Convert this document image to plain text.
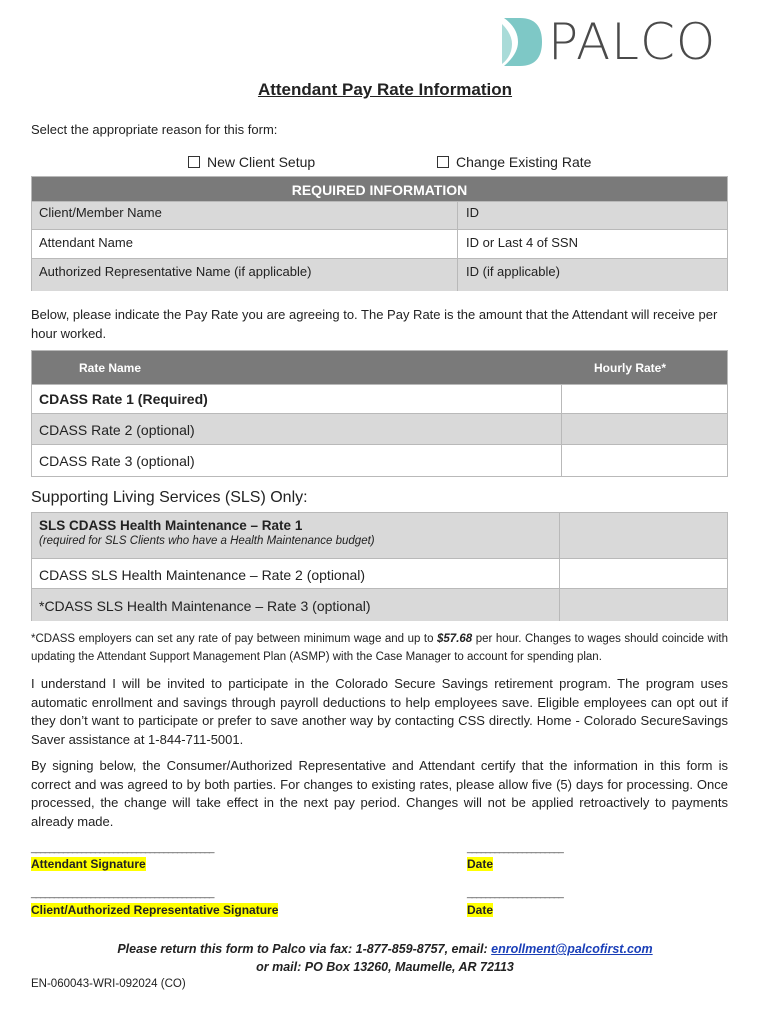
PALCO
Attendant Pay Rate Information
Select the appropriate reason for this form:
New Client Setup	Change Existing Rate
REQUIRED INFORMATION
Client/Member Name	ID
Attendant Name	ID or Last 4 of SSN
Authorized Representative Name (if applicable)	ID (if applicable)
Below, please indicate the Pay Rate you are agreeing to. The Pay Rate is the amount that the Attendant will receive per hour worked.
Rate Name	Hourly Rate*
CDASS Rate 1 (Required)
CDASS Rate 2 (optional)
CDASS Rate 3 (optional)
Supporting Living Services (SLS) Only:
SLS CDASS Health Maintenance – Rate 1
(required for SLS Clients who have a Health Maintenance budget)
CDASS SLS Health Maintenance – Rate 2 (optional)
*CDASS SLS Health Maintenance – Rate 3 (optional)
*CDASS employers can set any rate of pay between minimum wage and up to $57.68 per hour. Changes to wages should coincide with updating the Attendant Support Management Plan (ASMP) with the Case Manager to account for spending plan.
I understand I will be invited to participate in the Colorado Secure Savings retirement program. The program uses automatic enrollment and savings through payroll deductions to help employees save. Eligible employees can opt out if they don’t want to participate or prefer to save another way by contacting CSS directly. Home - Colorado SecureSavings Saver assistance at 1-844-711-5001.
By signing below, the Consumer/Authorized Representative and Attendant certify that the information in this form is correct and was agreed to by both parties. For changes to existing rates, please allow five (5) days for processing. Once processed, the change will take effect in the next pay period. Changes will not be applied retroactively to payments already made.
________________________________________
Attendant Signature
_____________________
Date
________________________________________
Client/Authorized Representative Signature
_____________________
Date
Please return this form to Palco via fax: 1-877-859-8757, email: enrollment@palcofirst.com
or mail: PO Box 13260, Maumelle, AR 72113
EN-060043-WRI-092024 (CO)
